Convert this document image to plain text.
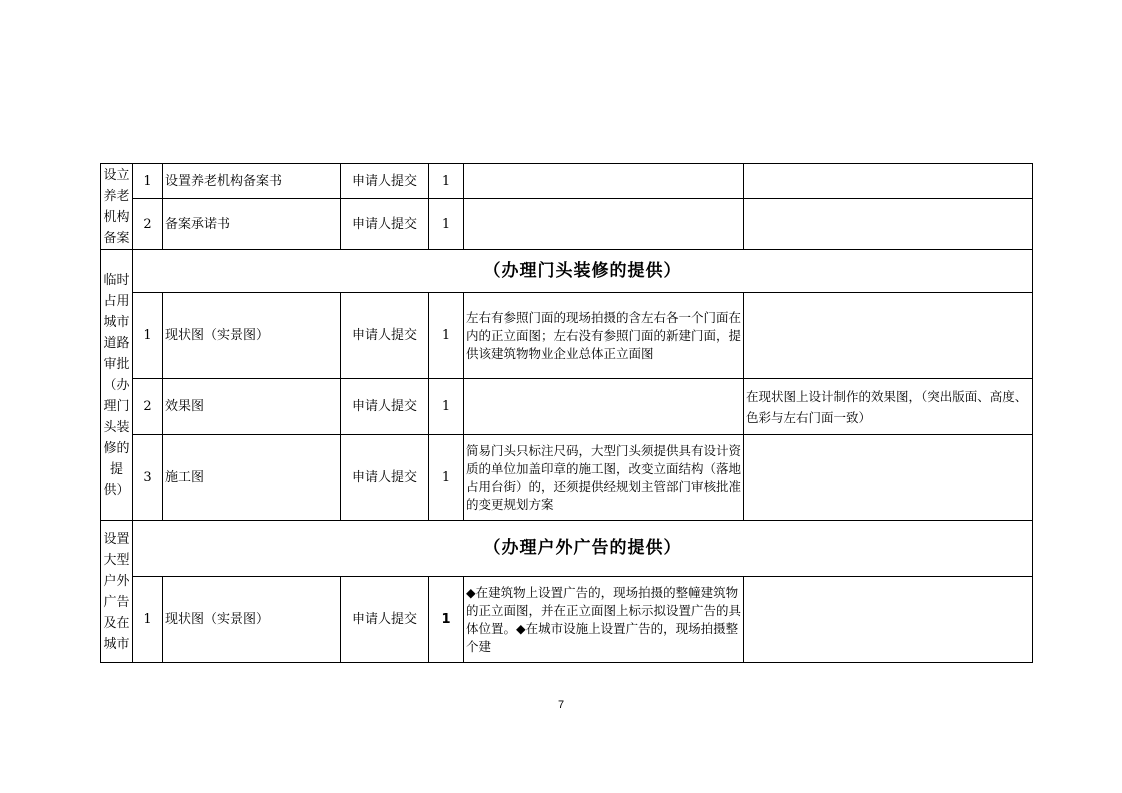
设立养老机构备案	1	设置养老机构备案书	申请人提交	1		
	2	备案承诺书	申请人提交	1		
临时占用城市道路审批（办理门头装修的提供）	（办理门头装修的提供）					
	1	现状图（实景图）	申请人提交	1	左右有参照门面的现场拍摄的含左右各一个门面在内的正立面图；左右没有参照门面的新建门面，提供该建筑物物业企业总体正立面图	
	2	效果图	申请人提交	1		在现状图上设计制作的效果图，（突出版面、高度、色彩与左右门面一致）
	3	施工图	申请人提交	1	简易门头只标注尺码，大型门头须提供具有设计资质的单位加盖印章的施工图，改变立面结构（落地占用台街）的，还须提供经规划主管部门审核批准的变更规划方案	
设置大型户外广告及在城市	（办理户外广告的提供）					
	1	现状图（实景图）	申请人提交	1	◆在建筑物上设置广告的，现场拍摄的整幢建筑物的正立面图，并在正立面图上标示拟设置广告的具体位置。◆在城市设施上设置广告的，现场拍摄整个建	
7
